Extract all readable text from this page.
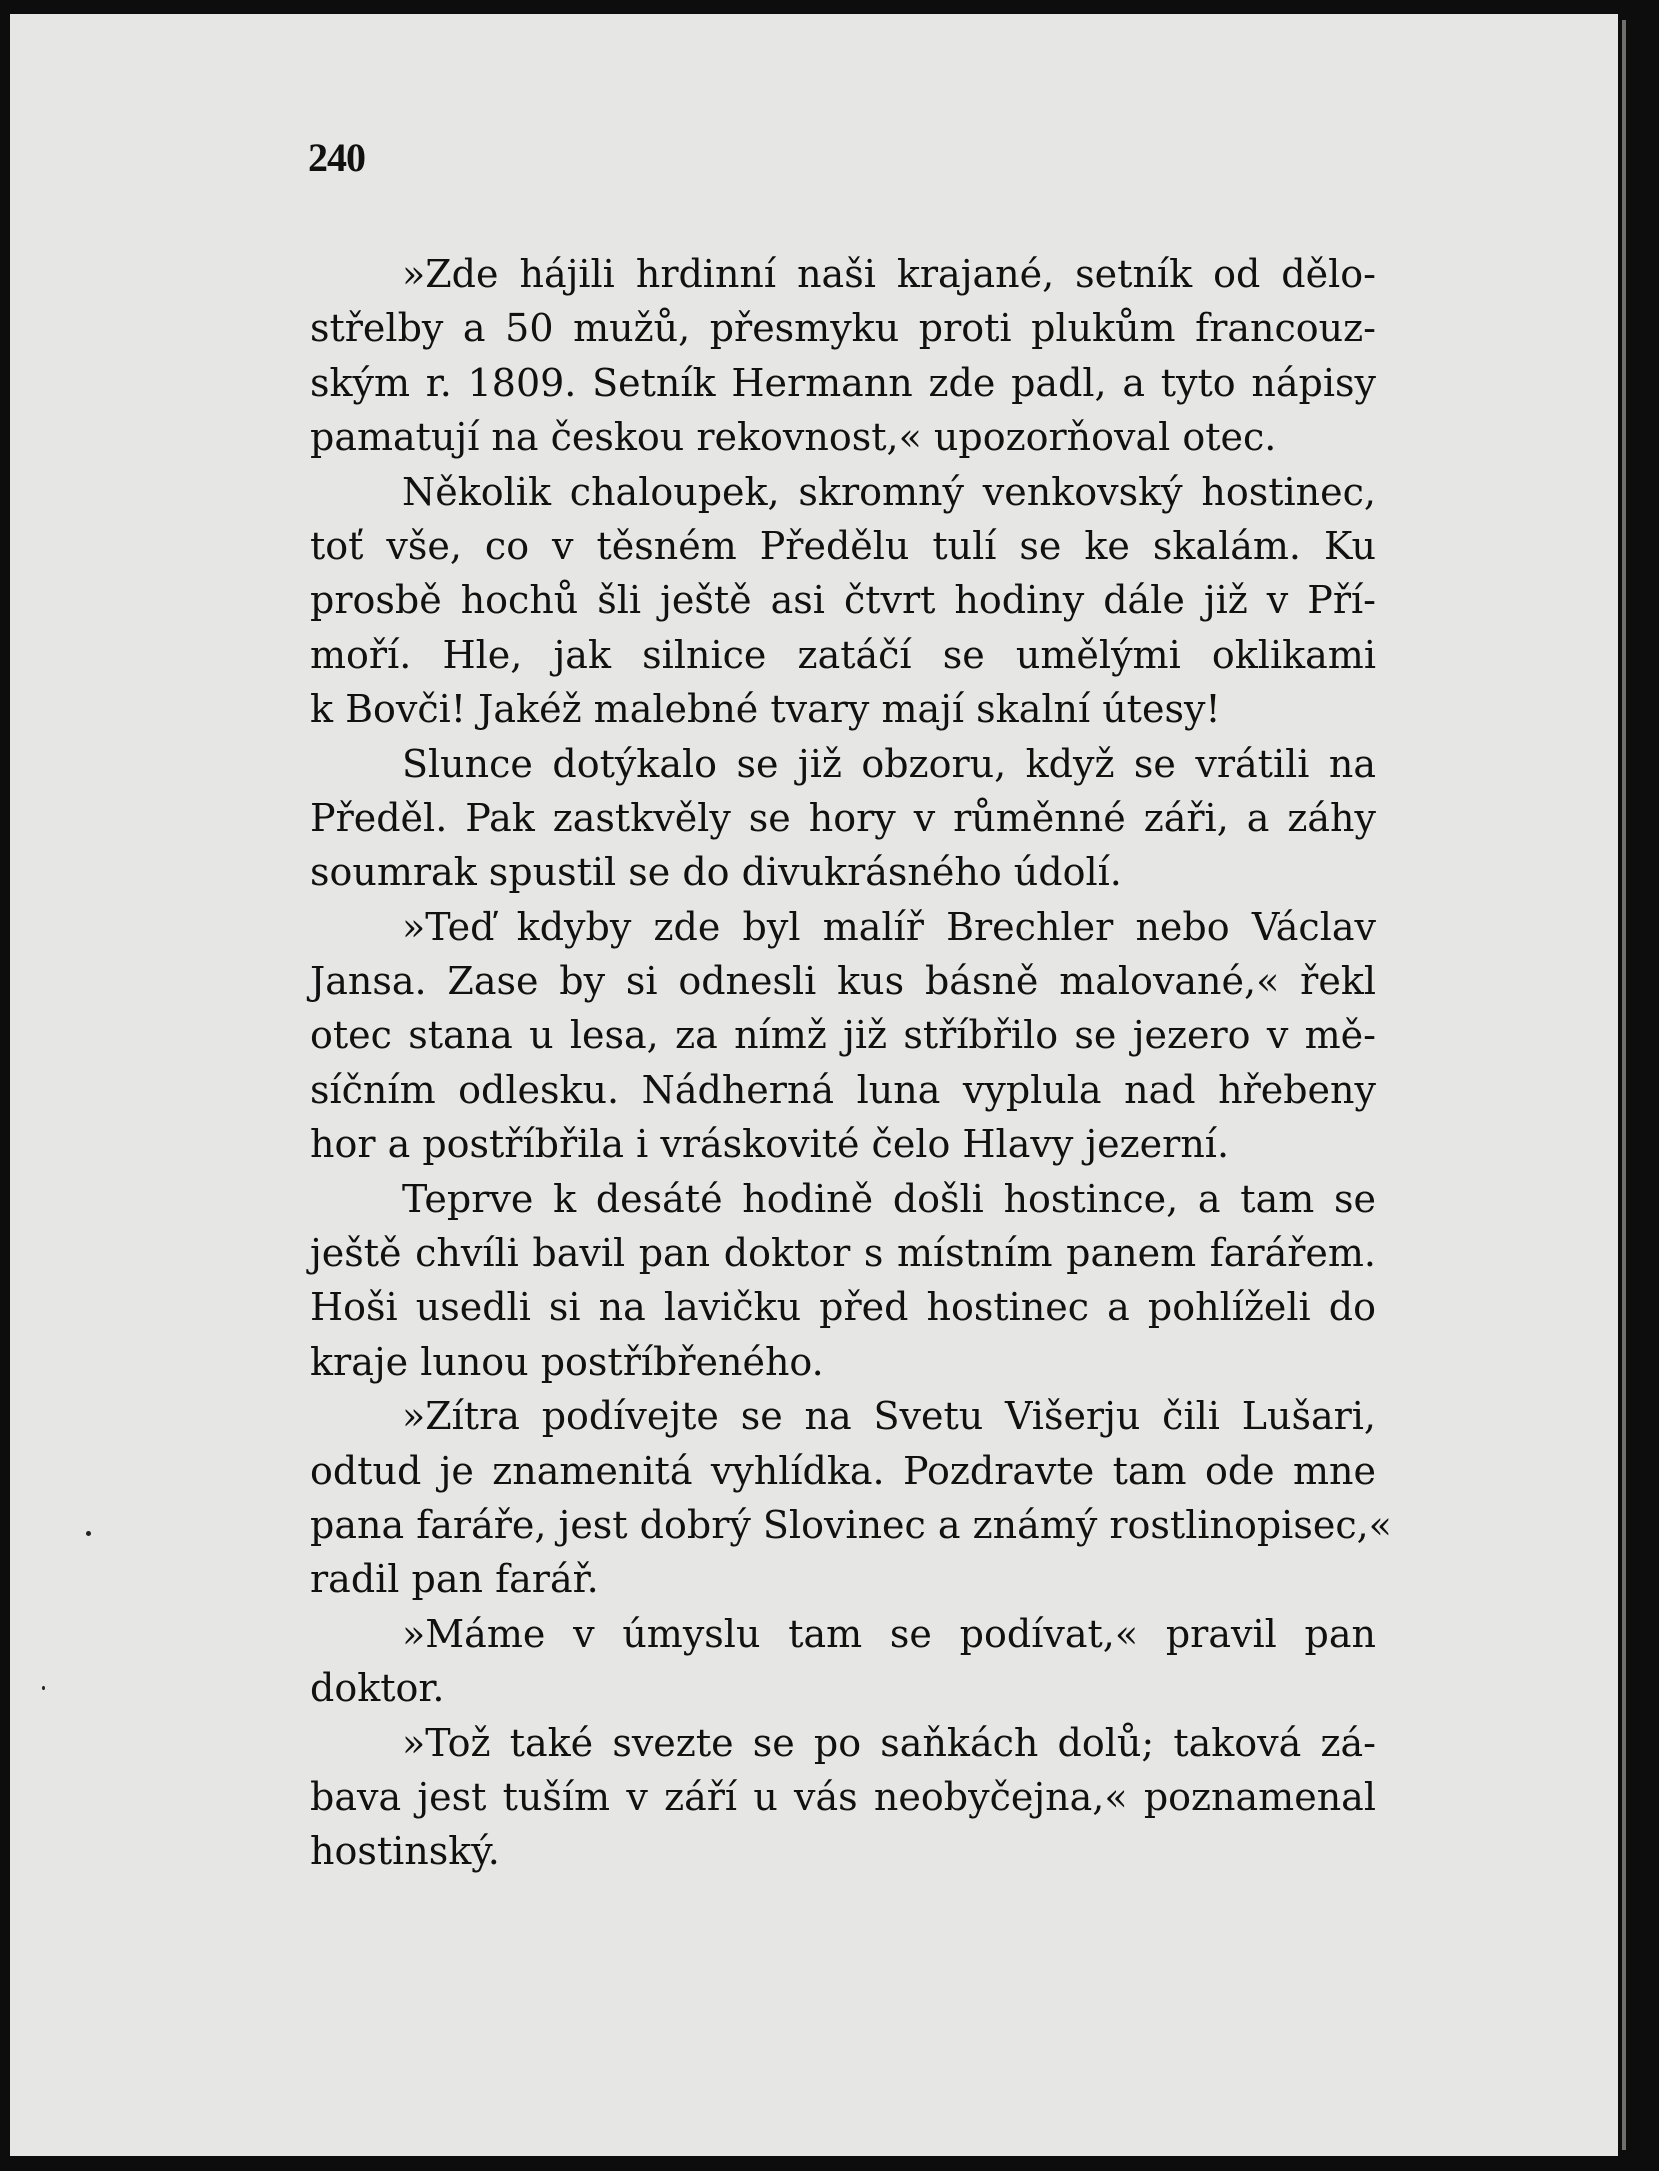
240
»Zde hájili hrdinní naši krajané, setník od dělo-
střelby a 50 mužů, přesmyku proti plukům francouz-
ským r. 1809. Setník Hermann zde padl, a tyto nápisy
pamatují na českou rekovnost,« upozorňoval otec.
Několik chaloupek, skromný venkovský hostinec,
toť vše, co v těsném Předělu tulí se ke skalám. Ku
prosbě hochů šli ještě asi čtvrt hodiny dále již v Pří-
moří. Hle, jak silnice zatáčí se umělými oklikami
k Bovči! Jakéž malebné tvary mají skalní útesy!
Slunce dotýkalo se již obzoru, když se vrátili na
Předěl. Pak zastkvěly se hory v růměnné záři, a záhy
soumrak spustil se do divukrásného údolí.
»Teď kdyby zde byl malíř Brechler nebo Václav
Jansa. Zase by si odnesli kus básně malované,« řekl
otec stana u lesa, za nímž již stříbřilo se jezero v mě-
síčním odlesku. Nádherná luna vyplula nad hřebeny
hor a postříbřila i vráskovité čelo Hlavy jezerní.
Teprve k desáté hodině došli hostince, a tam se
ještě chvíli bavil pan doktor s místním panem farářem.
Hoši usedli si na lavičku před hostinec a pohlíželi do
kraje lunou postříbřeného.
»Zítra podívejte se na Svetu Višerju čili Lušari,
odtud je znamenitá vyhlídka. Pozdravte tam ode mne
pana faráře, jest dobrý Slovinec a známý rostlinopisec,«
radil pan farář.
»Máme v úmyslu tam se podívat,« pravil pan
doktor.
»Tož také svezte se po saňkách dolů; taková zá-
bava jest tuším v září u vás neobyčejna,« poznamenal
hostinský.
